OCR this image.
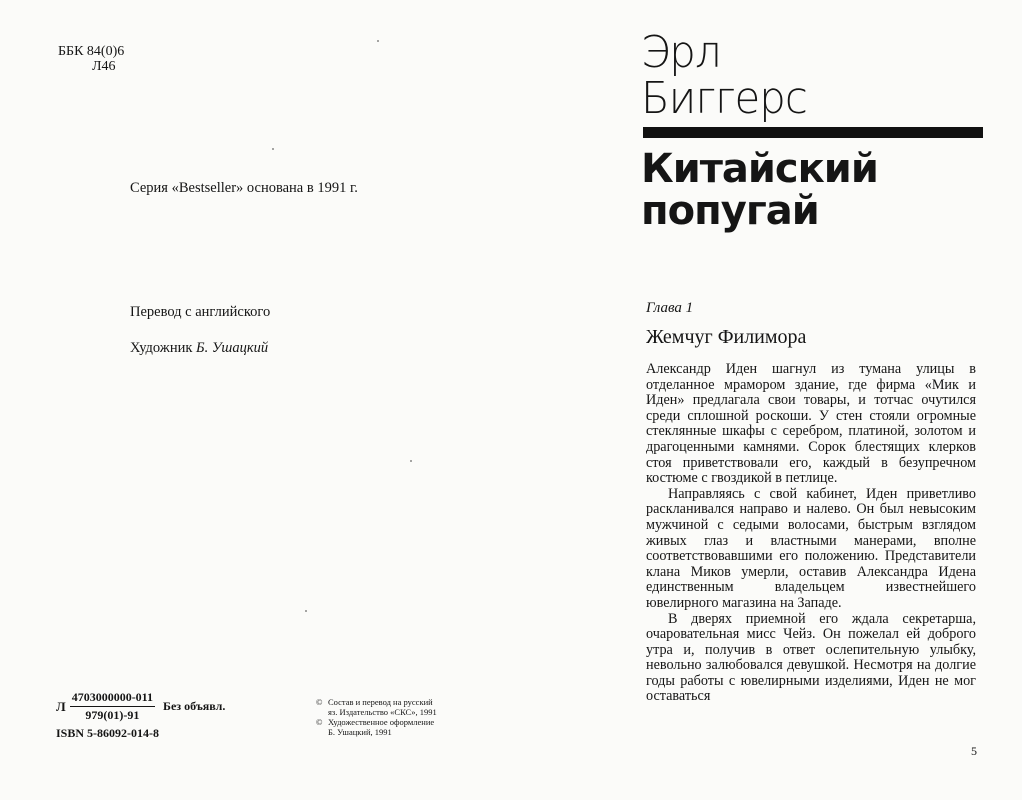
ББК 84(0)6
Л46
Серия «Bestseller» основана в 1991 г.
Перевод с английского
Художник Б. Ушацкий
Л $\frac{4703000000-011}{979(01)-91}$ Без объявл.
ISBN 5-86092-014-8
© Состав и перевод на русский
яз. Издательство «СКС», 1991
© Художественное оформление
Б. Ушацкий, 1991
Эрл
Биггерс
Китайский
попугай
Глава 1
Жемчуг Филимора

Александр Иден шагнул из тумана улицы в отделанное мрамором здание, где фирма «Мик и Иден» предлагала свои товары, и тотчас очутился среди сплошной роскоши. У стен стояли огромные стеклянные шкафы с серебром, платиной, золотом и драгоценными камнями. Сорок блестящих клерков стоя приветствовали его, каждый в безупречном костюме с гвоздикой в петлице.

Направляясь с свой кабинет, Иден приветливо раскланивался направо и налево. Он был невысоким мужчиной с седыми волосами, быстрым взглядом живых глаз и властными манерами, вполне соответствовавшими его положению. Представители клана Миков умерли, оставив Александра Идена единственным владельцем известнейшего ювелирного магазина на Западе.

В дверях приемной его ждала секретарша, очаровательная мисс Чейз. Он пожелал ей доброго утра и, получив в ответ ослепительную улыбку, невольно залюбовался девушкой. Несмотря на долгие годы работы с ювелирными изделиями, Иден не мог оставаться

5
